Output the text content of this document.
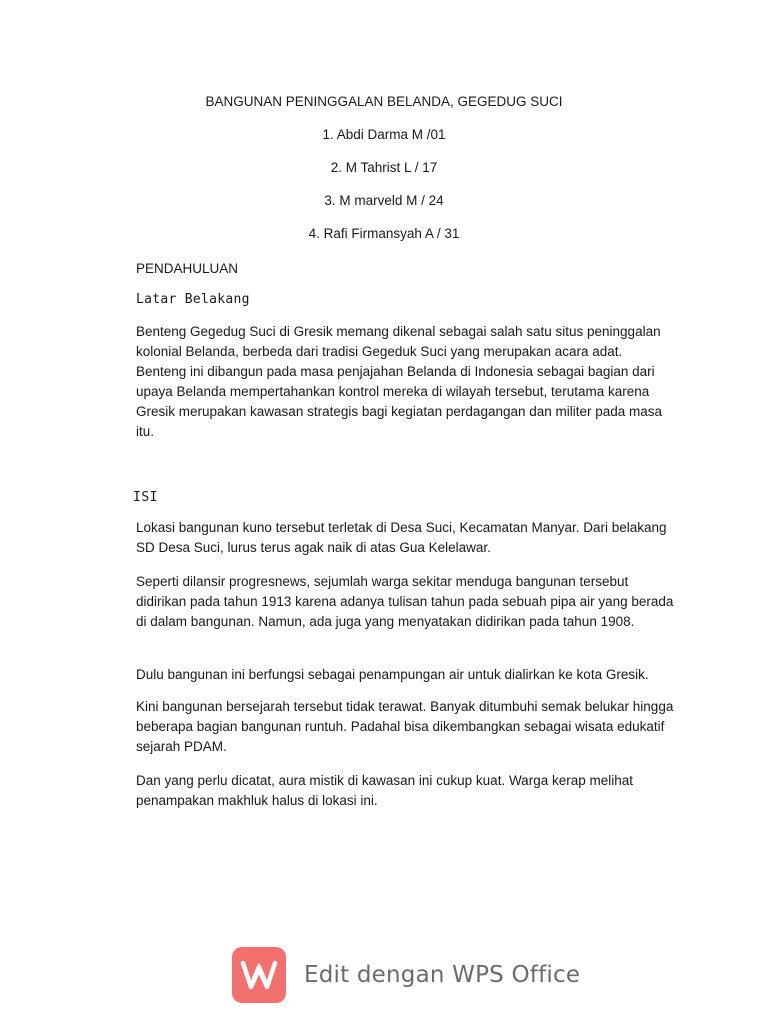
BANGUNAN PENINGGALAN BELANDA, GEGEDUG SUCI
1. Abdi Darma M /01
2. M Tahrist L / 17
3. M marveld M / 24
4. Rafi Firmansyah A / 31
PENDAHULUAN
Latar Belakang
Benteng Gegedug Suci di Gresik memang dikenal sebagai salah satu situs peninggalan kolonial Belanda, berbeda dari tradisi Gegeduk Suci yang merupakan acara adat. Benteng ini dibangun pada masa penjajahan Belanda di Indonesia sebagai bagian dari upaya Belanda mempertahankan kontrol mereka di wilayah tersebut, terutama karena Gresik merupakan kawasan strategis bagi kegiatan perdagangan dan militer pada masa itu.
ISI
Lokasi bangunan kuno tersebut terletak di Desa Suci, Kecamatan Manyar. Dari belakang SD Desa Suci, lurus terus agak naik di atas Gua Kelelawar.
Seperti dilansir progresnews, sejumlah warga sekitar menduga bangunan tersebut didirikan pada tahun 1913 karena adanya tulisan tahun pada sebuah pipa air yang berada di dalam bangunan. Namun, ada juga yang menyatakan didirikan pada tahun 1908.
Dulu bangunan ini berfungsi sebagai penampungan air untuk dialirkan ke kota Gresik.
Kini bangunan bersejarah tersebut tidak terawat. Banyak ditumbuhi semak belukar hingga beberapa bagian bangunan runtuh. Padahal bisa dikembangkan sebagai wisata edukatif sejarah PDAM.
Dan yang perlu dicatat, aura mistik di kawasan ini cukup kuat. Warga kerap melihat penampakan makhluk halus di lokasi ini.
Edit dengan WPS Office
